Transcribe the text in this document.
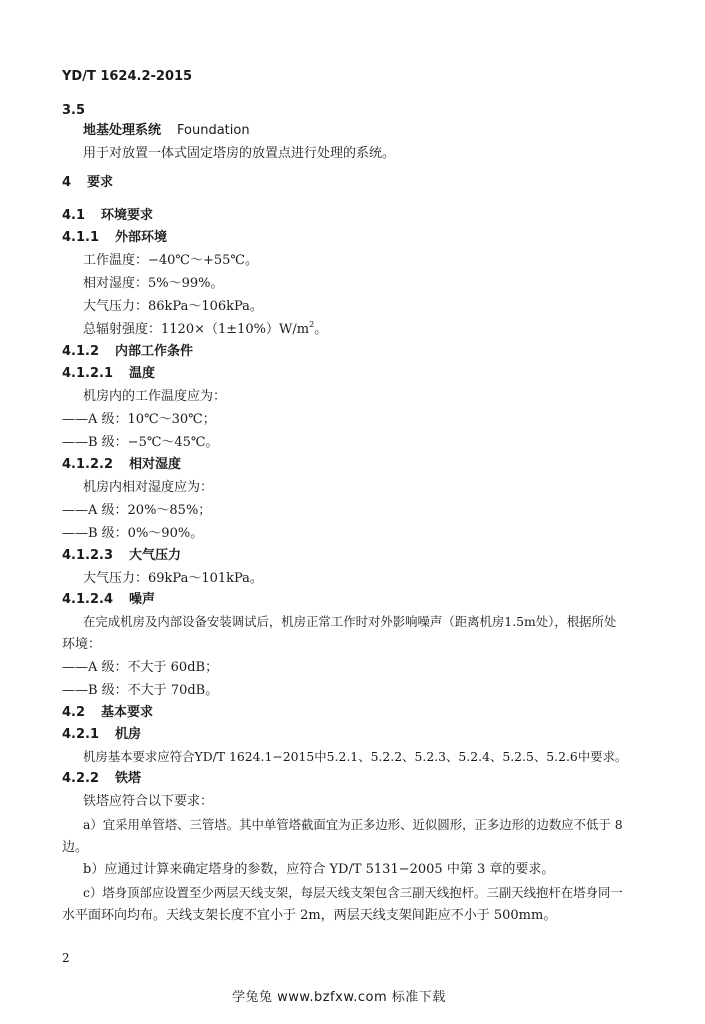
YD/T 1624.2-2015
3.5
地基处理系统 Foundation
用于对放置一体式固定塔房的放置点进行处理的系统。
4 要求
4.1 环境要求
4.1.1 外部环境
工作温度：−40℃～+55℃。
相对湿度：5%～99%。
大气压力：86kPa～106kPa。
总辐射强度：$1120\times(1\pm 10\%)W/m^2$。
4.1.2 内部工作条件
4.1.2.1 温度
机房内的工作温度应为：
——A 级：10℃～30℃；
——B 级：−5℃～45℃。
4.1.2.2 相对湿度
机房内相对湿度应为：
——A 级：20%～85%；
——B 级：0%～90%。
4.1.2.3 大气压力
大气压力：69kPa～101kPa。
4.1.2.4 噪声
在完成机房及内部设备安装调试后，机房正常工作时对外影响噪声（距离机房1.5m处），根据所处
环境：
——A 级：不大于 60dB；
——B 级：不大于 70dB。
4.2 基本要求
4.2.1 机房
机房基本要求应符合YD/T 1624.1−2015中5.2.1、5.2.2、5.2.3、5.2.4、5.2.5、5.2.6中要求。
4.2.2 铁塔
铁塔应符合以下要求：
a）宜采用单管塔、三管塔。其中单管塔截面宜为正多边形、近似圆形，正多边形的边数应不低于 8
边。
b）应通过计算来确定塔身的参数，应符合 YD/T 5131−2005 中第 3 章的要求。
c）塔身顶部应设置至少两层天线支架，每层天线支架包含三副天线抱杆。三副天线抱杆在塔身同一
水平面环向均布。天线支架长度不宜小于 2m，两层天线支架间距应不小于 500mm。
2
学兔兔 www.bzfxw.com 标准下载
